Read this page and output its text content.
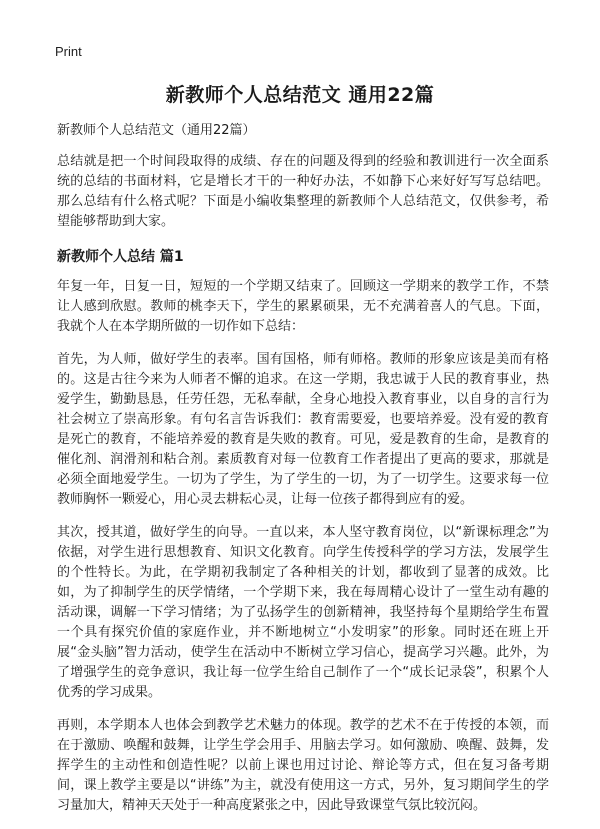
Print
新教师个人总结范文 通用22篇
新教师个人总结范文（通用22篇）

总结就是把一个时间段取得的成绩、存在的问题及得到的经验和教训进行一次全面系统的总结的书面材料，它是增长才干的一种好办法，不如静下心来好好写写总结吧。那么总结有什么格式呢？下面是小编收集整理的新教师个人总结范文，仅供参考，希望能够帮助到大家。

新教师个人总结 篇1

年复一年，日复一日，短短的一个学期又结束了。回顾这一学期来的教学工作，不禁让人感到欣慰。教师的桃李天下，学生的累累硕果，无不充满着喜人的气息。下面，我就个人在本学期所做的一切作如下总结：

首先，为人师，做好学生的表率。国有国格，师有师格。教师的形象应该是美而有格的。这是古往今来为人师者不懈的追求。在这一学期，我忠诚于人民的教育事业，热爱学生，勤勤恳恳，任劳任怨，无私奉献，全身心地投入教育事业，以自身的言行为社会树立了崇高形象。有句名言告诉我们：教育需要爱，也要培养爱。没有爱的教育是死亡的教育，不能培养爱的教育是失败的教育。可见，爱是教育的生命，是教育的催化剂、润滑剂和粘合剂。素质教育对每一位教育工作者提出了更高的要求，那就是必须全面地爱学生。一切为了学生，为了学生的一切，为了一切学生。这要求每一位教师胸怀一颗爱心，用心灵去耕耘心灵，让每一位孩子都得到应有的爱。

其次，授其道，做好学生的向导。一直以来，本人坚守教育岗位，以“新课标理念”为依据，对学生进行思想教育、知识文化教育。向学生传授科学的学习方法，发展学生的个性特长。为此，在学期初我制定了各种相关的计划，都收到了显著的成效。比如，为了抑制学生的厌学情绪，一个学期下来，我在每周精心设计了一堂生动有趣的活动课，调解一下学习情绪；为了弘扬学生的创新精神，我坚持每个星期给学生布置一个具有探究价值的家庭作业，并不断地树立“小发明家”的形象。同时还在班上开展“金头脑”智力活动，使学生在活动中不断树立学习信心，提高学习兴趣。此外，为了增强学生的竞争意识，我让每一位学生给自己制作了一个“成长记录袋”，积累个人优秀的学习成果。

再则，本学期本人也体会到教学艺术魅力的体现。教学的艺术不在于传授的本领，而在于激励、唤醒和鼓舞，让学生学会用手、用脑去学习。如何激励、唤醒、鼓舞，发挥学生的主动性和创造性呢？以前上课也用过讨论、辩论等方式，但在复习备考期间，课上教学主要是以“讲练”为主，就没有使用这一方式，另外，复习期间学生的学习量加大，精神天天处于一种高度紧张之中，因此导致课堂气氛比较沉闷。
